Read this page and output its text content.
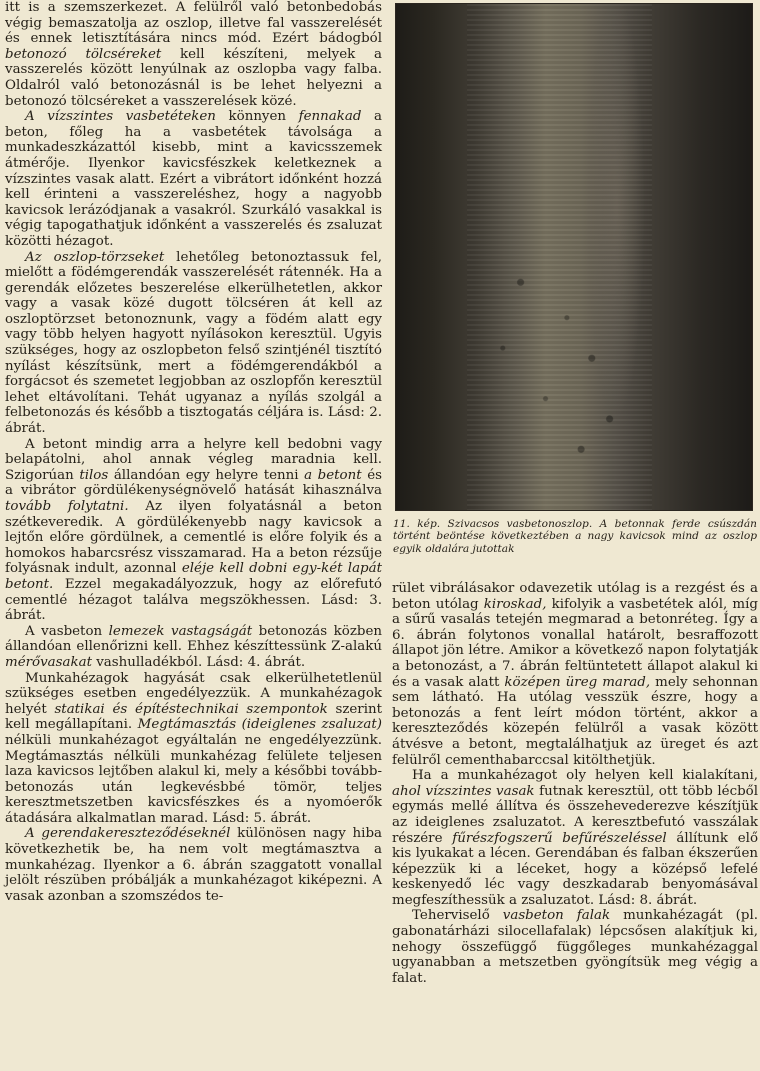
itt is a szemszerkezet. A felülről való betonbedobás végig bemaszatolja az oszlop, illetve fal vasszerelését és ennek letisztítására nincs mód. Ezért bádogból betonozó tölcséreket kell készíteni, melyek a vasszerelés között lenyúlnak az oszlopba vagy falba. Oldalról való betonozásnál is be lehet helyezni a betonozó tölcséreket a vasszerelések közé.

A vízszintes vasbetéteken könnyen fennakad a beton, főleg ha a vasbetétek távolsága a munkadeszkázattól kisebb, mint a kavicsszemek átmérője. Ilyenkor kavicsfészkek keletkeznek a vízszintes vasak alatt. Ezért a vibrátort időnként hozzá kell érinteni a vasszereléshez, hogy a nagyobb kavicsok lerázódjanak a vasakról. Szurkáló vasakkal is végig tapogathatjuk időnként a vasszerelés és zsaluzat közötti hézagot.

Az oszlop-törzseket lehetőleg betonoztassuk fel, mielőtt a födémgerendák vasszerelését rátennék. Ha a gerendák előzetes beszerelése elkerülhetetlen, akkor vagy a vasak közé dugott tölcséren át kell az oszloptörzset betonoznunk, vagy a födém alatt egy vagy több helyen hagyott nyílásokon keresztül. Ugyis szükséges, hogy az oszlopbeton felső szintjénél tisztító nyílást készítsünk, mert a födémgerendákból a forgácsot és szemetet legjobban az oszlopfőn keresztül lehet eltávolítani. Tehát ugyanaz a nyílás szolgál a felbetonozás és később a tisztogatás céljára is. Lásd: 2. ábrát.

A betont mindig arra a helyre kell bedobni vagy belapátolni, ahol annak végleg maradnia kell. Szigorúan tilos állandóan egy helyre tenni a betont és a vibrátor gördülékenységnövelő hatását kihasználva tovább folytatni. Az ilyen folyatásnál a beton szétkeveredik. A gördülékenyebb nagy kavicsok a lejtőn előre gördülnek, a cementlé is előre folyik és a homokos habarcsrész visszamarad. Ha a beton rézsűje folyásnak indult, azonnal eléje kell dobni egy-két lapát betont. Ezzel megakadályozzuk, hogy az előrefutó cementlé hézagot találva megszökhessen. Lásd: 3. ábrát.

A vasbeton lemezek vastagságát betonozás közben állandóan ellenőrizni kell. Ehhez készíttessünk Z-alakú mérővasakat vashulladékból. Lásd: 4. ábrát.

Munkahézagok hagyását csak elkerülhetetlenül szükséges esetben engedélyezzük. A munkahézagok helyét statikai és építéstechnikai szempontok szerint kell megállapítani. Megtámasztás (ideiglenes zsaluzat) nélküli munkahézagot egyáltalán ne engedélyezzünk. Megtámasztás nélküli munkahézag felülete teljesen laza kavicsos lejtőben alakul ki, mely a későbbi tovább-betonozás után legkevésbbé tömör, teljes keresztmetszetben kavicsfészkes és a nyomóerők átadására alkalmatlan marad. Lásd: 5. ábrát.

A gerendakereszteződéseknél különösen nagy hiba következhetik be, ha nem volt megtámasztva a munkahézag. Ilyenkor a 6. ábrán szaggatott vonallal jelölt részüben próbálják a munkahézagot kiképezni. A vasak azonban a szomszédos te-

11. kép. Szivacsos vasbetonoszlop. A betonnak ferde csúszdán történt beöntése következtében a nagy kavicsok mind az oszlop egyik oldalára jutottak

rület vibrálásakor odavezetik utólag is a rezgést és a beton utólag kiroskad, kifolyik a vasbetétek alól, míg a sűrű vasalás tetején megmarad a betonréteg. Így a 6. ábrán folytonos vonallal határolt, besraffozott állapot jön létre. Amikor a következő napon folytatják a betonozást, a 7. ábrán feltüntetett állapot alakul ki és a vasak alatt középen üreg marad, mely sehonnan sem látható. Ha utólag vesszük észre, hogy a betonozás a fent leírt módon történt, akkor a kereszteződés közepén felülről a vasak között átvésve a betont, megtalálhatjuk az üreget és azt felülről cementhabarccsal kitölthetjük.

Ha a munkahézagot oly helyen kell kialakítani, ahol vízszintes vasak futnak keresztül, ott több lécből egymás mellé állítva és összehevederezve készítjük az ideiglenes zsaluzatot. A keresztbefutó vasszálak részére fűrészfogszerű befűrészeléssel állítunk elő kis lyukakat a lécen. Gerendában és falban ékszerűen képezzük ki a léceket, hogy a középső lefelé keskenyedő léc vagy deszkadarab benyomásával megfeszíthessük a zsaluzatot. Lásd: 8. ábrát.

Teherviselő vasbeton falak munkahézagát (pl. gabonatárházi silocellafalak) lépcsősen alakítjuk ki, nehogy összefüggő függőleges munkahézaggal ugyanabban a metszetben gyöngítsük meg végig a falat.
